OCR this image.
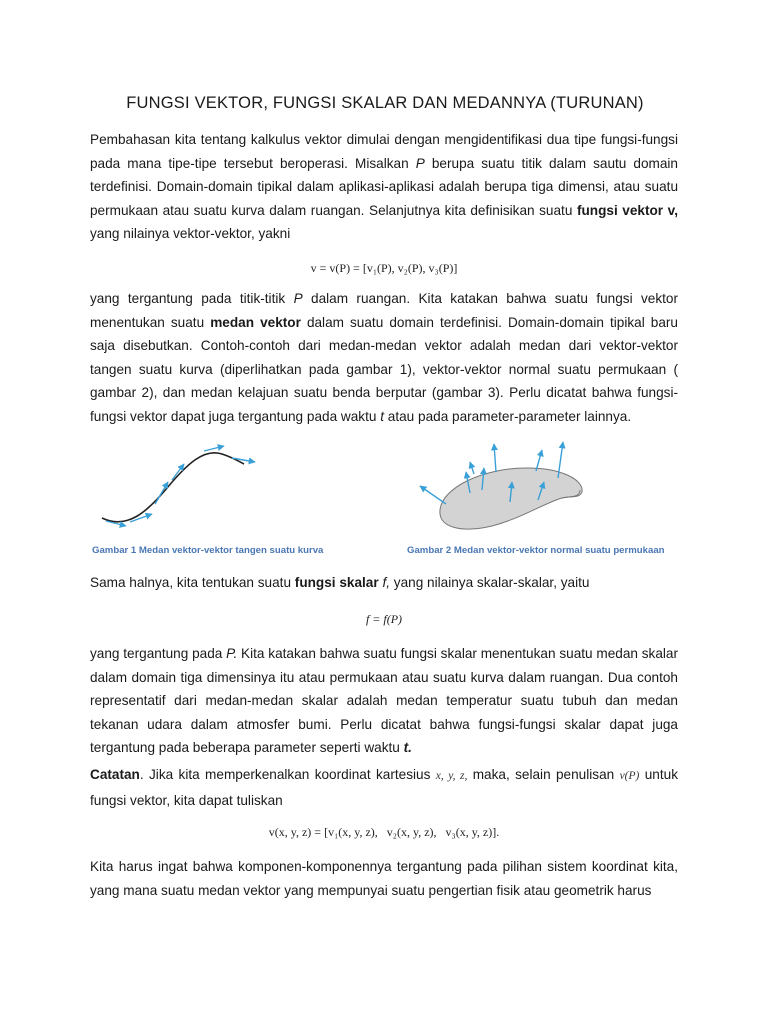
FUNGSI VEKTOR, FUNGSI SKALAR DAN MEDANNYA (TURUNAN)

Pembahasan kita tentang kalkulus vektor dimulai dengan mengidentifikasi dua tipe fungsi-fungsi pada mana tipe-tipe tersebut beroperasi. Misalkan P berupa suatu titik dalam sautu domain terdefinisi. Domain-domain tipikal dalam aplikasi-aplikasi adalah berupa tiga dimensi, atau suatu permukaan atau suatu kurva dalam ruangan. Selanjutnya kita definisikan suatu fungsi vektor v, yang nilainya vektor-vektor, yakni

v = v(P) = [v₁(P), v₂(P), v₃(P)]

yang tergantung pada titik-titik P dalam ruangan. Kita katakan bahwa suatu fungsi vektor menentukan suatu medan vektor dalam suatu domain terdefinisi. Domain-domain tipikal baru saja disebutkan. Contoh-contoh dari medan-medan vektor adalah medan dari vektor-vektor tangen suatu kurva (diperlihatkan pada gambar 1), vektor-vektor normal suatu permukaan ( gambar 2), dan medan kelajuan suatu benda berputar (gambar 3). Perlu dicatat bahwa fungsi-fungsi vektor dapat juga tergantung pada waktu t atau pada parameter-parameter lainnya.

Gambar 1 Medan vektor-vektor tangen suatu kurva	Gambar 2 Medan vektor-vektor normal suatu permukaan

Sama halnya, kita tentukan suatu fungsi skalar f, yang nilainya skalar-skalar, yaitu

f = f(P)

yang tergantung pada P. Kita katakan bahwa suatu fungsi skalar menentukan suatu medan skalar dalam domain tiga dimensinya itu atau permukaan atau suatu kurva dalam ruangan. Dua contoh representatif dari medan-medan skalar adalah medan temperatur suatu tubuh dan medan tekanan udara dalam atmosfer bumi. Perlu dicatat bahwa fungsi-fungsi skalar dapat juga tergantung pada beberapa parameter seperti waktu t.

Catatan. Jika kita memperkenalkan koordinat kartesius x, y, z, maka, selain penulisan v(P) untuk fungsi vektor, kita dapat tuliskan

v(x, y, z) = [v₁(x, y, z),   v₂(x, y, z),   v₃(x, y, z)].

Kita harus ingat bahwa komponen-komponennya tergantung pada pilihan sistem koordinat kita, yang mana suatu medan vektor yang mempunyai suatu pengertian fisik atau geometrik harus
